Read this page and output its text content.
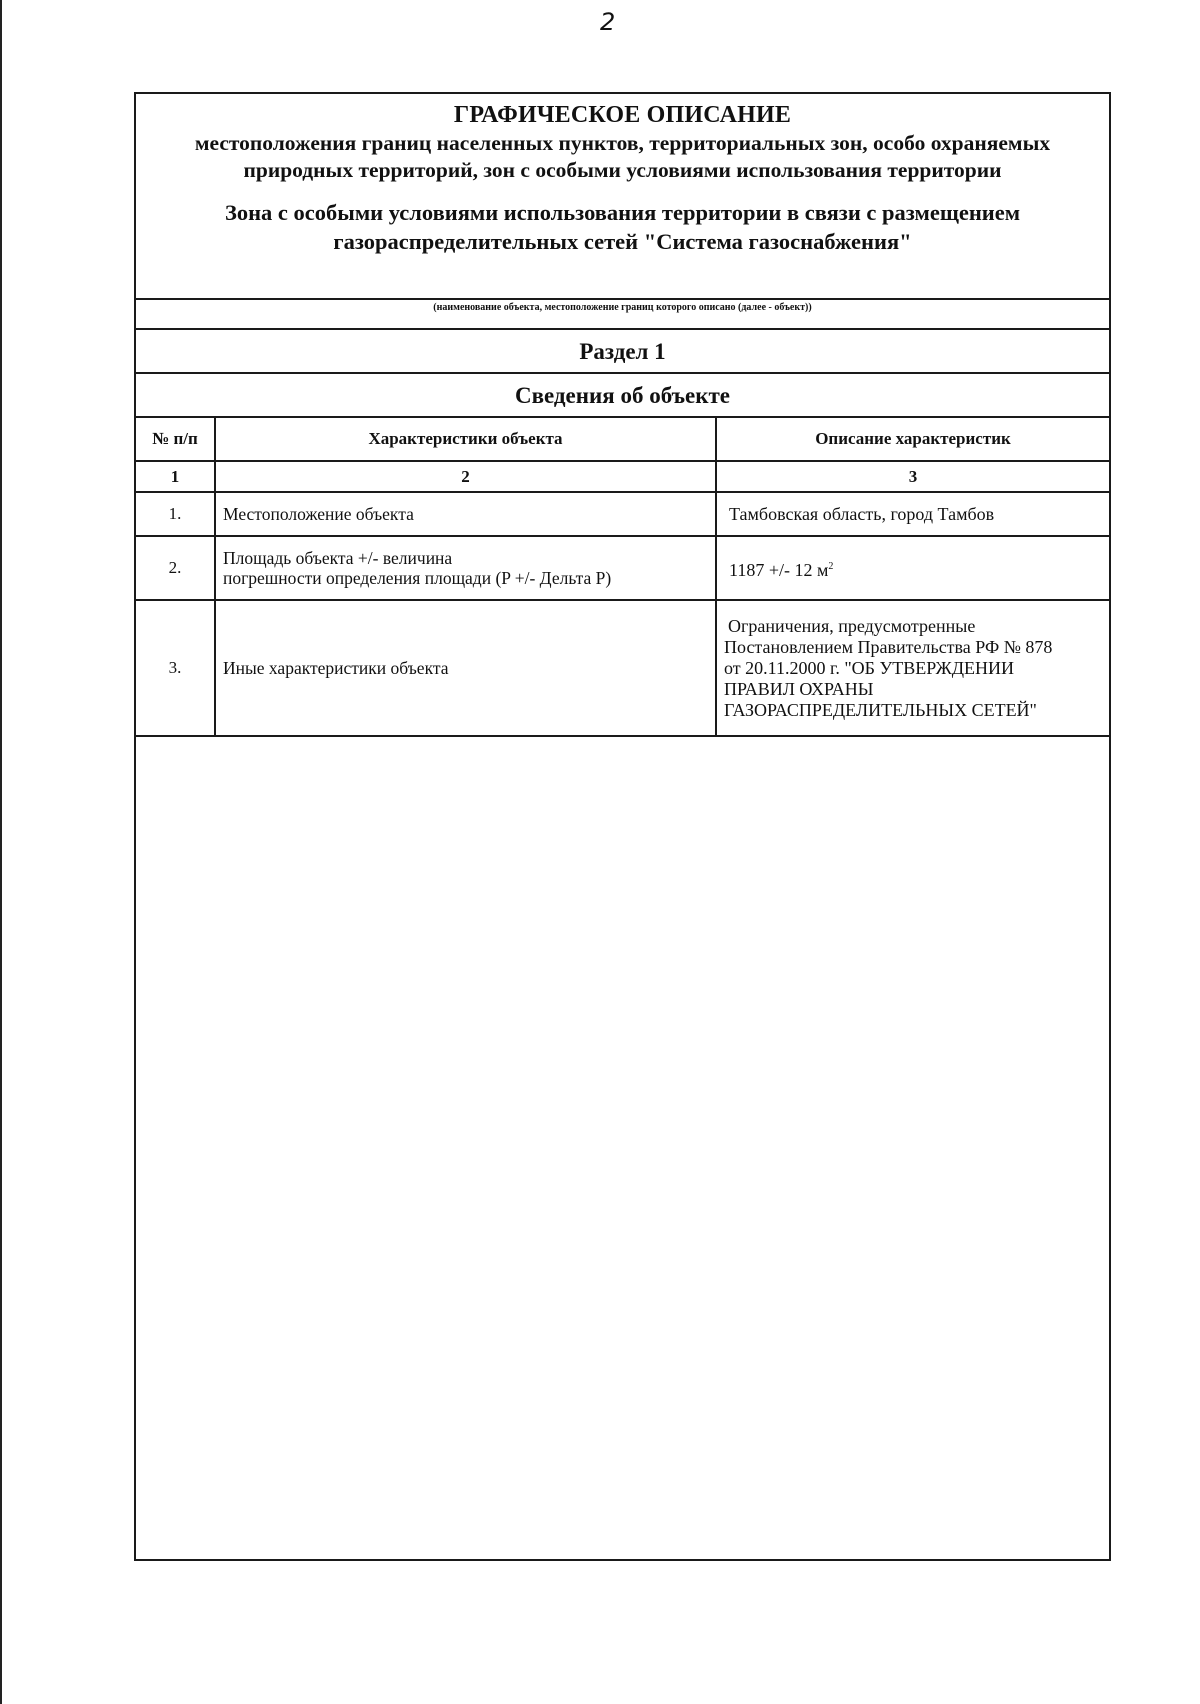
2
ГРАФИЧЕСКОЕ ОПИСАНИЕ
местоположения границ населенных пунктов, территориальных зон, особо охраняемых природных территорий, зон с особыми условиями использования территории
Зона с особыми условиями использования территории в связи с размещением газораспределительных сетей "Система газоснабжения"
(наименование объекта, местоположение границ которого описано (далее - объект))
Раздел 1
Сведения об объекте
№ п/п	Характеристики объекта	Описание характеристик
1	2	3
1.	Местоположение объекта	Тамбовская область, город Тамбов
2.	Площадь объекта +/- величина
погрешности определения площади (P +/- Дельта P)	1187 +/- 12 $м^2$
3.	Иные характеристики объекта	Ограничения, предусмотренные
Постановлением Правительства РФ № 878
от 20.11.2000 г. "ОБ УТВЕРЖДЕНИИ
ПРАВИЛ ОХРАНЫ
ГАЗОРАСПРЕДЕЛИТЕЛЬНЫХ СЕТЕЙ"
